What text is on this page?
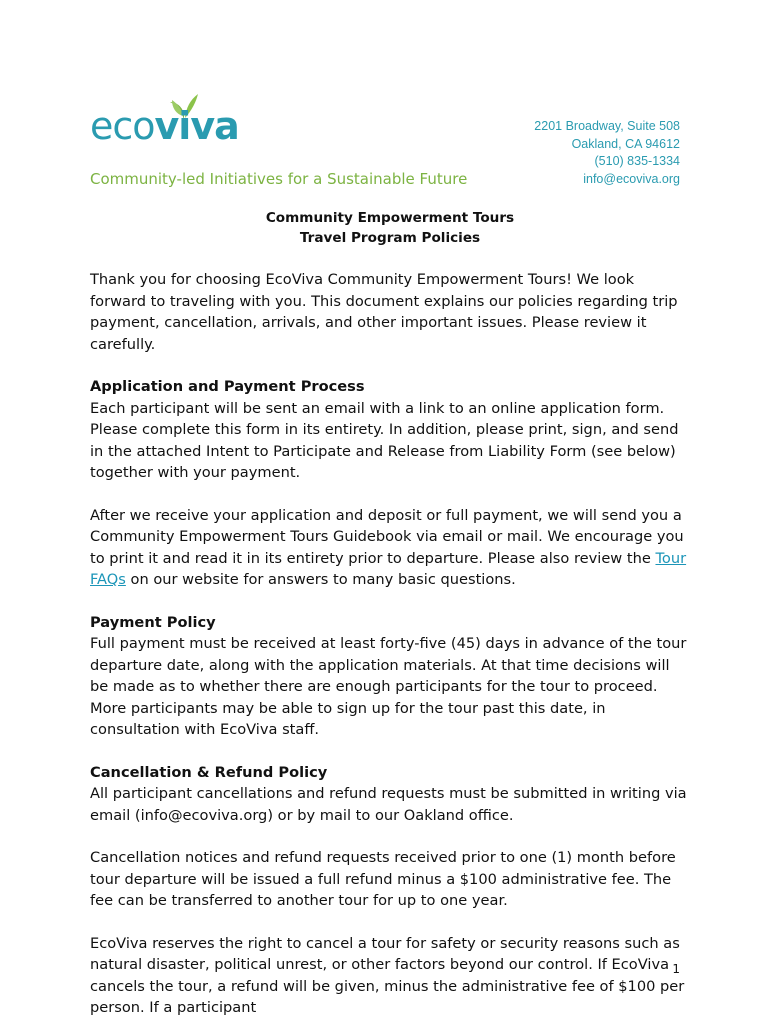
ecoviva
Community-led Initiatives for a Sustainable Future
2201 Broadway, Suite 508
Oakland, CA 94612
(510) 835-1334
info@ecoviva.org
Community Empowerment Tours
Travel Program Policies

Thank you for choosing EcoViva Community Empowerment Tours! We look forward to traveling with you. This document explains our policies regarding trip payment, cancellation, arrivals, and other important issues. Please review it carefully.

Application and Payment Process

Each participant will be sent an email with a link to an online application form. Please complete this form in its entirety. In addition, please print, sign, and send in the attached Intent to Participate and Release from Liability Form (see below) together with your payment.

After we receive your application and deposit or full payment, we will send you a Community Empowerment Tours Guidebook via email or mail. We encourage you to print it and read it in its entirety prior to departure. Please also review the Tour FAQs on our website for answers to many basic questions.

Payment Policy

Full payment must be received at least forty-five (45) days in advance of the tour departure date, along with the application materials. At that time decisions will be made as to whether there are enough participants for the tour to proceed. More participants may be able to sign up for the tour past this date, in consultation with EcoViva staff.

Cancellation & Refund Policy

All participant cancellations and refund requests must be submitted in writing via email (info@ecoviva.org) or by mail to our Oakland office.

Cancellation notices and refund requests received prior to one (1) month before tour departure will be issued a full refund minus a $100 administrative fee. The fee can be transferred to another tour for up to one year.

EcoViva reserves the right to cancel a tour for safety or security reasons such as natural disaster, political unrest, or other factors beyond our control. If EcoViva cancels the tour, a refund will be given, minus the administrative fee of $100 per person. If a participant

1
